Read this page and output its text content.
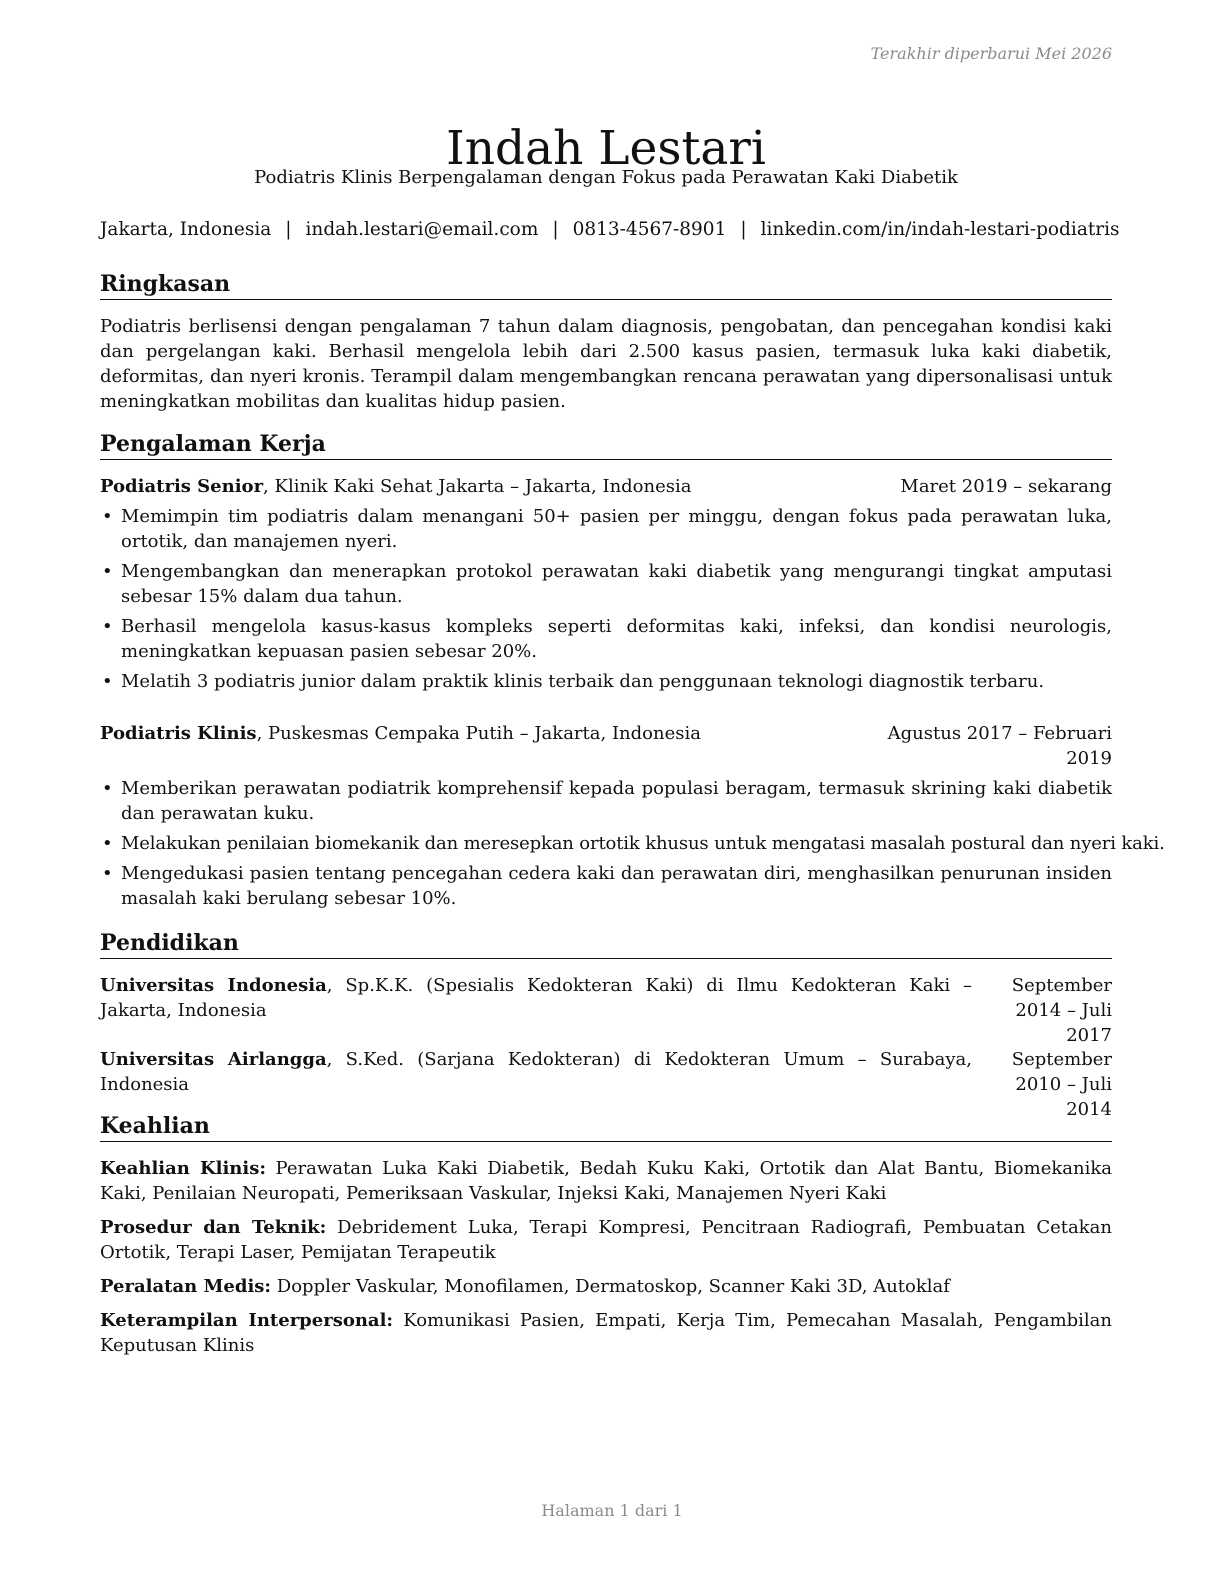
Terakhir diperbarui Mei 2026
Indah Lestari
Podiatris Klinis Berpengalaman dengan Fokus pada Perawatan Kaki Diabetik
Jakarta, Indonesia | indah.lestari@email.com | 0813-4567-8901 | linkedin.com/in/indah-lestari-podiatris
Ringkasan
Podiatris berlisensi dengan pengalaman 7 tahun dalam diagnosis, pengobatan, dan pencegahan kondisi kaki dan pergelangan kaki. Berhasil mengelola lebih dari 2.500 kasus pasien, termasuk luka kaki diabetik, deformitas, dan nyeri kronis. Terampil dalam mengembangkan rencana perawatan yang dipersonalisasi untuk meningkatkan mobilitas dan kualitas hidup pasien.
Pengalaman Kerja
Podiatris Senior, Klinik Kaki Sehat Jakarta – Jakarta, Indonesia	Maret 2019 – sekarang
• Memimpin tim podiatris dalam menangani 50+ pasien per minggu, dengan fokus pada perawatan luka, ortotik, dan manajemen nyeri.
• Mengembangkan dan menerapkan protokol perawatan kaki diabetik yang mengurangi tingkat amputasi sebesar 15% dalam dua tahun.
• Berhasil mengelola kasus-kasus kompleks seperti deformitas kaki, infeksi, dan kondisi neurologis, meningkatkan kepuasan pasien sebesar 20%.
• Melatih 3 podiatris junior dalam praktik klinis terbaik dan penggunaan teknologi diagnostik terbaru.
Podiatris Klinis, Puskesmas Cempaka Putih – Jakarta, Indonesia	Agustus 2017 – Februari 2019
• Memberikan perawatan podiatrik komprehensif kepada populasi beragam, termasuk skrining kaki diabetik dan perawatan kuku.
• Melakukan penilaian biomekanik dan meresepkan ortotik khusus untuk mengatasi masalah postural dan nyeri kaki.
• Mengedukasi pasien tentang pencegahan cedera kaki dan perawatan diri, menghasilkan penurunan insiden masalah kaki berulang sebesar 10%.
Pendidikan
Universitas Indonesia, Sp.K.K. (Spesialis Kedokteran Kaki) di Ilmu Kedokteran Kaki – Jakarta, Indonesia
September 2014 – Juli 2017
Universitas Airlangga, S.Ked. (Sarjana Kedokteran) di Kedokteran Umum – Surabaya, Indonesia
September 2010 – Juli 2014
Keahlian
Keahlian Klinis: Perawatan Luka Kaki Diabetik, Bedah Kuku Kaki, Ortotik dan Alat Bantu, Biomekanika Kaki, Penilaian Neuropati, Pemeriksaan Vaskular, Injeksi Kaki, Manajemen Nyeri Kaki
Prosedur dan Teknik: Debridement Luka, Terapi Kompresi, Pencitraan Radiografi, Pembuatan Cetakan Ortotik, Terapi Laser, Pemijatan Terapeutik
Peralatan Medis: Doppler Vaskular, Monofilamen, Dermatoskop, Scanner Kaki 3D, Autoklaf
Keterampilan Interpersonal: Komunikasi Pasien, Empati, Kerja Tim, Pemecahan Masalah, Pengambilan Keputusan Klinis
Halaman 1 dari 1
